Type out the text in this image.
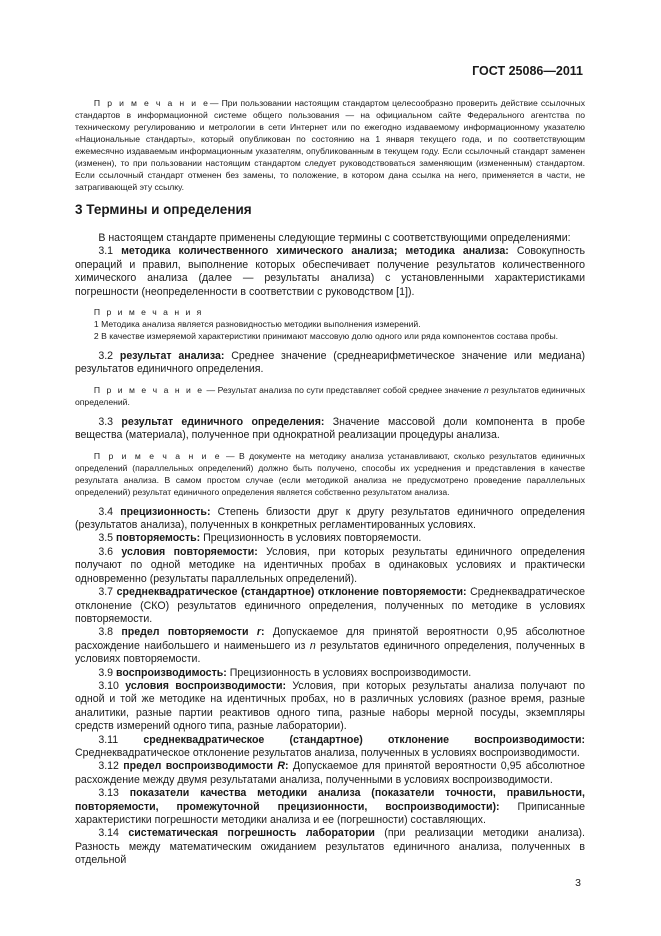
ГОСТ 25086—2011

П р и м е ч а н и е— При пользовании настоящим стандартом целесообразно проверить действие ссылочных стандартов в информационной системе общего пользования — на официальном сайте Федерального агентства по техническому регулированию и метрологии в сети Интернет или по ежегодно издаваемому информационному указателю «Национальные стандарты», который опубликован по состоянию на 1 января текущего года, и по соответствующим ежемесячно издаваемым информационным указателям, опубликованным в текущем году. Если ссылочный стандарт заменен (изменен), то при пользовании настоящим стандартом следует руководствоваться заменяющим (измененным) стандартом. Если ссылочный стандарт отменен без замены, то положение, в котором дана ссылка на него, применяется в части, не затрагивающей эту ссылку.

3 Термины и определения

В настоящем стандарте применены следующие термины с соответствующими определениями:

3.1 методика количественного химического анализа; методика анализа: Совокупность операций и правил, выполнение которых обеспечивает получение результатов количественного химического анализа (далее — результаты анализа) с установленными характеристиками погрешности (неопределенности в соответствии с руководством [1]).

П р и м е ч а н и я

1 Методика анализа является разновидностью методики выполнения измерений.

2 В качестве измеряемой характеристики принимают массовую долю одного или ряда компонентов состава пробы.

3.2 результат анализа: Среднее значение (среднеарифметическое значение или медиана) результатов единичного определения.

П р и м е ч а н и е — Результат анализа по сути представляет собой среднее значение n результатов единичных определений.

3.3 результат единичного определения: Значение массовой доли компонента в пробе вещества (материала), полученное при однократной реализации процедуры анализа.

П р и м е ч а н и е — В документе на методику анализа устанавливают, сколько результатов единичных определений (параллельных определений) должно быть получено, способы их усреднения и представления в качестве результата анализа. В самом простом случае (если методикой анализа не предусмотрено проведение параллельных определений) результат единичного определения является собственно результатом анализа.

3.4 прецизионность: Степень близости друг к другу результатов единичного определения (результатов анализа), полученных в конкретных регламентированных условиях.

3.5 повторяемость: Прецизионность в условиях повторяемости.

3.6 условия повторяемости: Условия, при которых результаты единичного определения получают по одной методике на идентичных пробах в одинаковых условиях и практически одновременно (результаты параллельных определений).

3.7 среднеквадратическое (стандартное) отклонение повторяемости: Среднеквадратическое отклонение (СКО) результатов единичного определения, полученных по методике в условиях повторяемости.

3.8 предел повторяемости r: Допускаемое для принятой вероятности 0,95 абсолютное расхождение наибольшего и наименьшего из n результатов единичного определения, полученных в условиях повторяемости.

3.9 воспроизводимость: Прецизионность в условиях воспроизводимости.

3.10 условия воспроизводимости: Условия, при которых результаты анализа получают по одной и той же методике на идентичных пробах, но в различных условиях (разное время, разные аналитики, разные партии реактивов одного типа, разные наборы мерной посуды, экземпляры средств измерений одного типа, разные лаборатории).

3.11 среднеквадратическое (стандартное) отклонение воспроизводимости: Среднеквадратическое отклонение результатов анализа, полученных в условиях воспроизводимости.

3.12 предел воспроизводимости R: Допускаемое для принятой вероятности 0,95 абсолютное расхождение между двумя результатами анализа, полученными в условиях воспроизводимости.

3.13 показатели качества методики анализа (показатели точности, правильности, повторяемости, промежуточной прецизионности, воспроизводимости): Приписанные характеристики погрешности методики анализа и ее (погрешности) составляющих.

3.14 систематическая погрешность лаборатории (при реализации методики анализа). Разность между математическим ожиданием результатов единичного анализа, полученных в отдельной

3
